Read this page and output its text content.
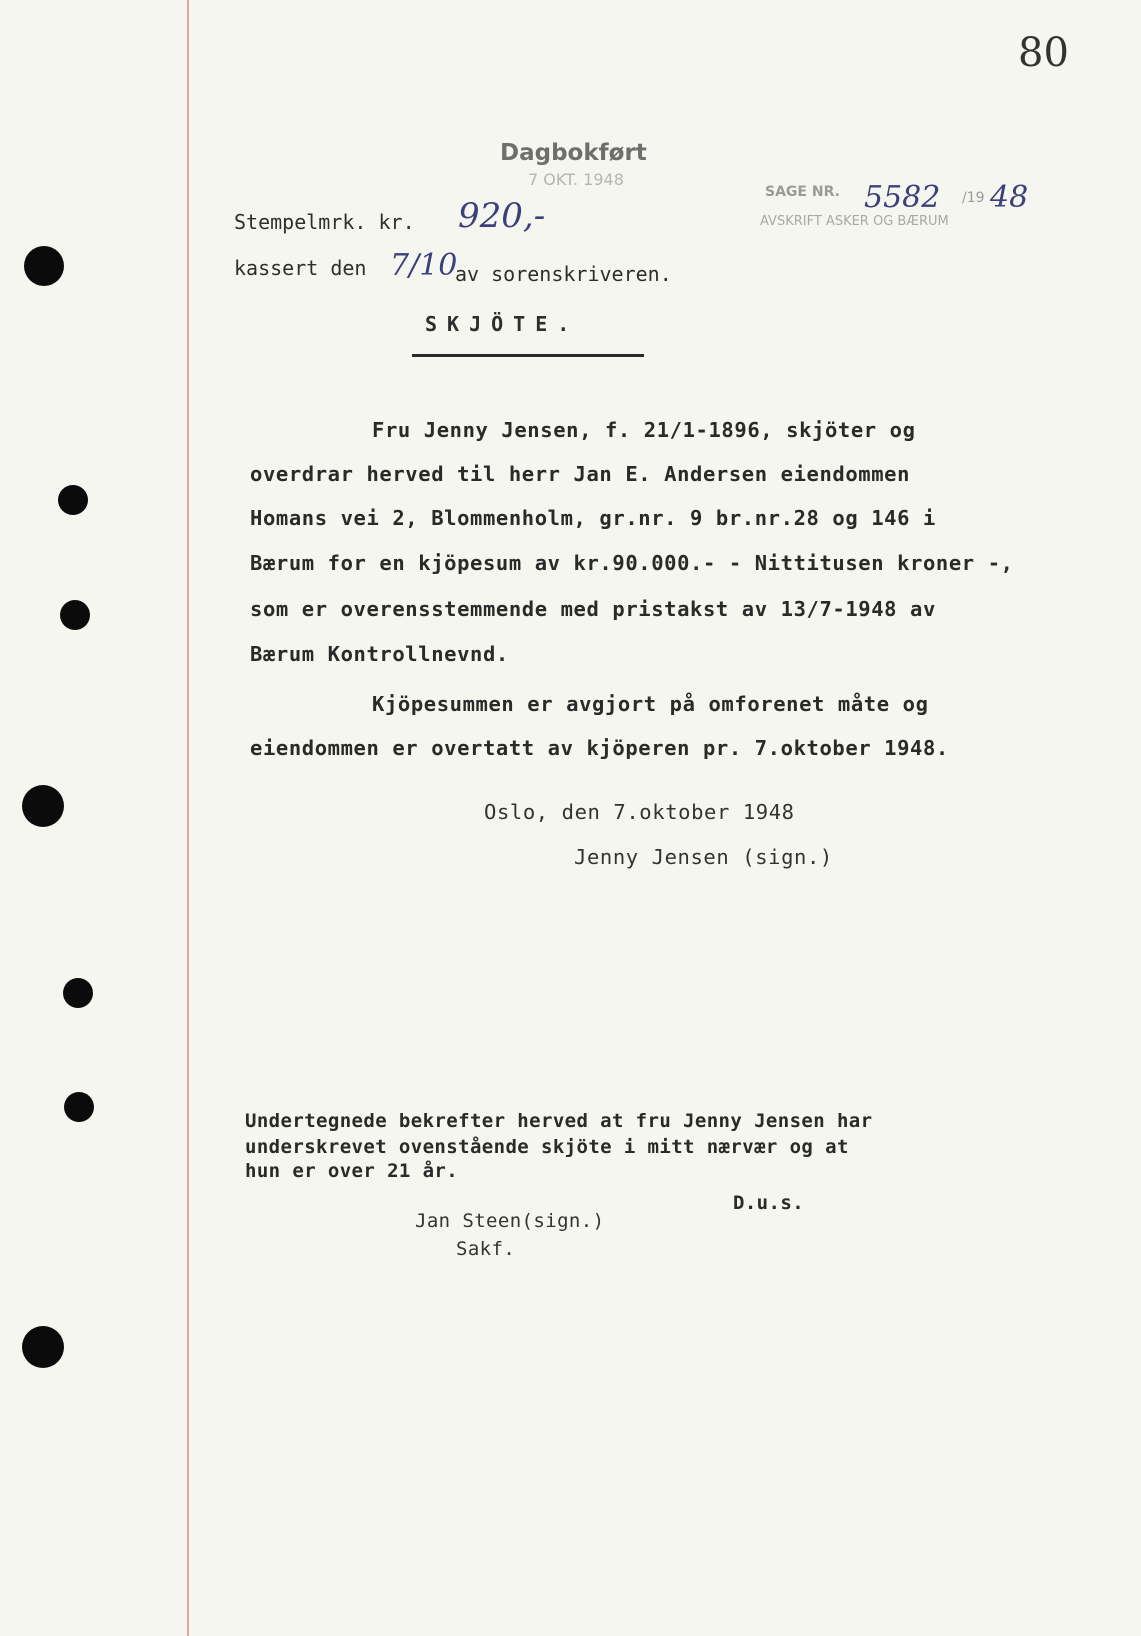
80
Dagbokført
7 OKT. 1948
SAGE NR. 5582 /19 48
AVSKRIFT ASKER OG BÆRUM
Stempelmrk. kr. 920,-
kassert den 7/10
av sorenskriveren.
SKJÖTE.
Fru Jenny Jensen, f. 21/1-1896, skjöter og
overdrar herved til herr Jan E. Andersen eiendommen
Homans vei 2, Blommenholm, gr.nr. 9 br.nr.28 og 146 i
Bærum for en kjöpesum av kr.90.000.- - Nittitusen kroner -,
som er overensstemmende med pristakst av 13/7-1948 av
Bærum Kontrollnevnd.
Kjöpesummen er avgjort på omforenet måte og
eiendommen er overtatt av kjöperen pr. 7.oktober 1948.
Oslo, den 7.oktober 1948
Jenny Jensen (sign.)
Undertegnede bekrefter herved at fru Jenny Jensen har
underskrevet ovenstående skjöte i mitt nærvær og at
hun er over 21 år.
D.u.s.
Jan Steen(sign.)
Sakf.
